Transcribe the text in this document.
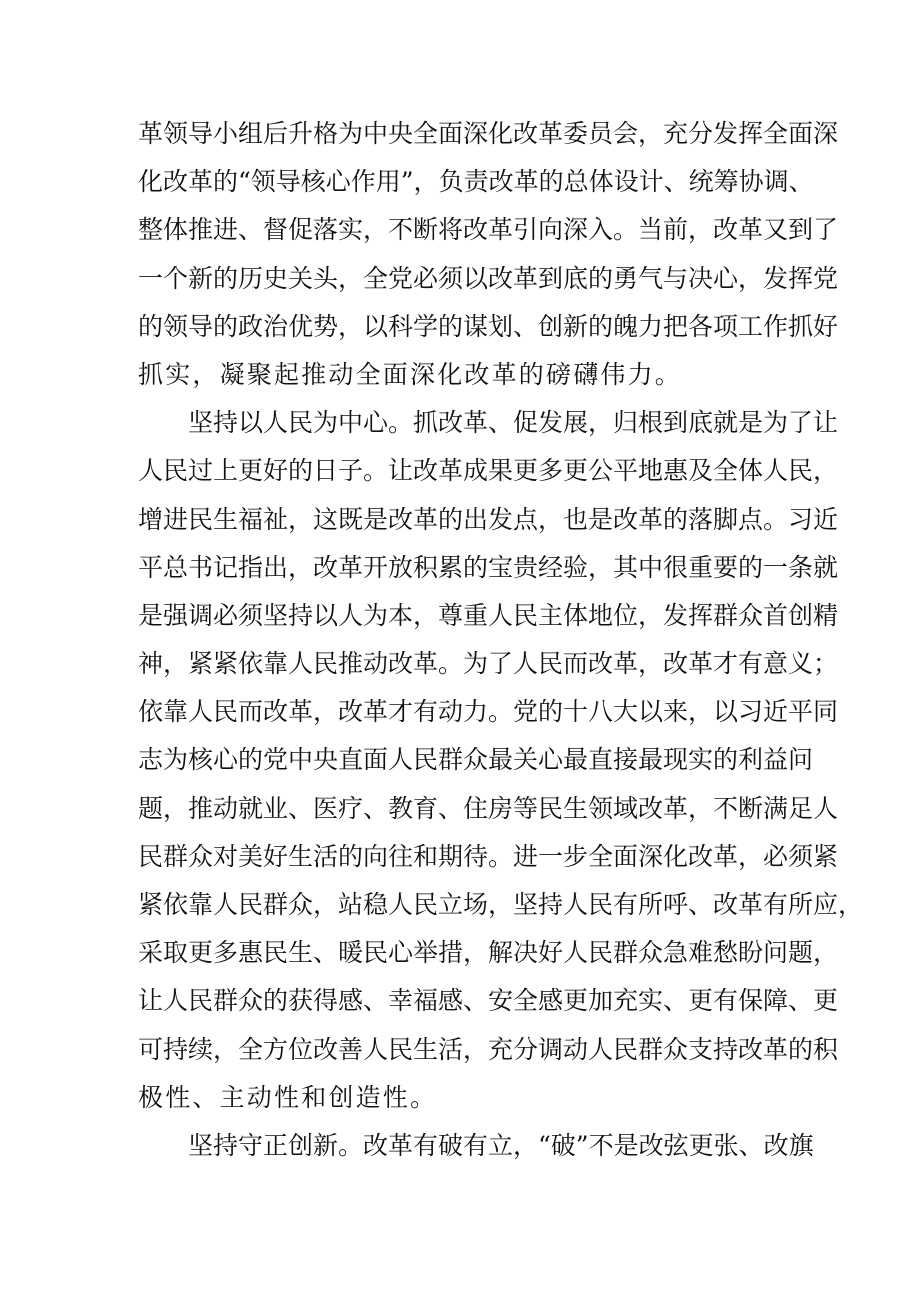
革领导小组后升格为中央全面深化改革委员会，充分发挥全面深
化改革的“领导核心作用”，负责改革的总体设计、统筹协调、
整体推进、督促落实，不断将改革引向深入。当前，改革又到了
一个新的历史关头，全党必须以改革到底的勇气与决心，发挥党
的领导的政治优势，以科学的谋划、创新的魄力把各项工作抓好
抓实，凝聚起推动全面深化改革的磅礴伟力。
坚持以人民为中心。抓改革、促发展，归根到底就是为了让
人民过上更好的日子。让改革成果更多更公平地惠及全体人民，
增进民生福祉，这既是改革的出发点，也是改革的落脚点。习近
平总书记指出，改革开放积累的宝贵经验，其中很重要的一条就
是强调必须坚持以人为本，尊重人民主体地位，发挥群众首创精
神，紧紧依靠人民推动改革。为了人民而改革，改革才有意义；
依靠人民而改革，改革才有动力。党的十八大以来，以习近平同
志为核心的党中央直面人民群众最关心最直接最现实的利益问
题，推动就业、医疗、教育、住房等民生领域改革，不断满足人
民群众对美好生活的向往和期待。进一步全面深化改革，必须紧
紧依靠人民群众，站稳人民立场，坚持人民有所呼、改革有所应，
采取更多惠民生、暖民心举措，解决好人民群众急难愁盼问题，
让人民群众的获得感、幸福感、安全感更加充实、更有保障、更
可持续，全方位改善人民生活，充分调动人民群众支持改革的积
极性、主动性和创造性。
坚持守正创新。改革有破有立，“破”不是改弦更张、改旗
